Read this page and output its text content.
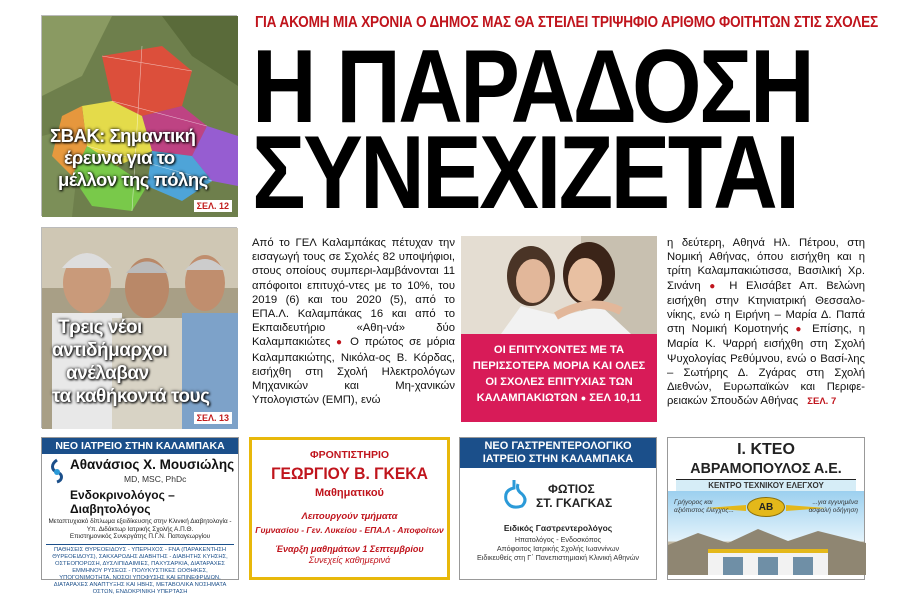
ΣΒΑΚ: Σημαντική
έρευνα για το
μέλλον της πόλης
ΣΕΛ. 12
Τρεις νέοι
αντιδήμαρχοι
ανέλαβαν
τα καθήκοντά τους
ΣΕΛ. 13
ΓΙΑ ΑΚΟΜΗ ΜΙΑ ΧΡΟΝΙΑ Ο ΔΗΜΟΣ ΜΑΣ ΘΑ ΣΤΕΙΛΕΙ ΤΡΙΨΗΦΙΟ ΑΡΙΘΜΟ ΦΟΙΤΗΤΩΝ ΣΤΙΣ ΣΧΟΛΕΣ
Η ΠΑΡΑΔΟΣΗ
ΣΥΝΕΧΙΖΕΤΑΙ
Από το ΓΕΛ Καλαμπάκας πέτυχαν την εισαγωγή τους σε Σχολές 82 υποψήφιοι, στους οποίους συμπερι-λαμβάνονται 11 απόφοιτοι επιτυχό-ντες με το 10%, του 2019 (6) και του 2020 (5), από το ΕΠΑ.Λ. Καλαμπάκας 16 και από το Εκπαιδευτήριο «Αθη-νά» δύο Καλαμπακιώτες ● Ο πρώτος σε μόρια Καλαμπακιώτης, Νικόλα-ος Β. Κόρδας, εισήχθη στη Σχολή Ηλεκτρολόγων Μηχανικών και Μη-χανικών Υπολογιστών (ΕΜΠ), ενώ
ΟΙ ΕΠΙΤΥΧΟΝΤΕΣ ΜΕ ΤΑ ΠΕΡΙΣΣΟΤΕΡΑ ΜΟΡΙΑ ΚΑΙ ΟΛΕΣ ΟΙ ΣΧΟΛΕΣ ΕΠΙΤΥΧΙΑΣ ΤΩΝ ΚΑΛΑΜΠΑΚΙΩΤΩΝ ● ΣΕΛ 10,11
η δεύτερη, Αθηνά Ηλ. Πέτρου, στη Νομική Αθήνας, όπου εισήχθη και η τρίτη Καλαμπακιώτισσα, Βασιλική Χρ. Σινάνη ● Η Ελισάβετ Απ. Βελώνη εισήχθη στην Κτηνιατρική Θεσσαλο-νίκης, ενώ η Ειρήνη – Μαρία Δ. Παπά στη Νομική Κομοτηνής ● Επίσης, η Μαρία Κ. Ψαρρή εισήχθη στη Σχολή Ψυχολογίας Ρεθύμνου, ενώ ο Βασί-λης – Σωτήρης Δ. Ζγάρας στη Σχολή Διεθνών, Ευρωπαϊκών και Περιφε-ρειακών Σπουδών Αθήνας ΣΕΛ. 7
ΝΕΟ ΙΑΤΡΕΙΟ ΣΤΗΝ ΚΑΛΑΜΠΑΚΑ
Αθανάσιος Χ. Μουσιώλης
MD, MSC, PhDc
Ενδοκρινολόγος – Διαβητολόγος
Μεταπτυχιακό δίπλωμα εξειδίκευσης στην Κλινική Διαβητολογία - Υπ. Διδάκτωρ Ιατρικής Σχολής Α.Π.Θ.
Επιστημονικός Συνεργάτης Π.Γ.Ν. Παπαγεωργίου
ΠΑΘΗΣΕΙΣ ΘΥΡΕΟΕΙΔΟΥΣ - ΥΠΕΡΗΧΟΣ - FNA (ΠΑΡΑΚΕΝΤΗΣΗ ΘΥΡΕΟΕΙΔΟΥΣ), ΣΑΚΧΑΡΩΔΗΣ ΔΙΑΒΗΤΗΣ - ΔΙΑΒΗΤΗΣ ΚΥΗΣΗΣ, ΟΣΤΕΟΠΟΡΩΣΗ, ΔΥΣΛΙΠΙΔΑΙΜΙΕΣ, ΠΑΧΥΣΑΡΚΙΑ, ΔΙΑΤΑΡΑΧΕΣ ΕΜΜΗΝΟΥ ΡΥΣΕΩΣ - ΠΟΛΥΚΥΣΤΙΚΕΣ ΩΟΘΗΚΕΣ, ΥΠΟΓΟΝΙΜΟΤΗΤΑ, ΝΟΣΟΙ ΥΠΟΦΥΣΗΣ ΚΑΙ ΕΠΙΝΕΦΡΙΔΙΩΝ, ΔΙΑΤΑΡΑΧΕΣ ΑΝΑΠΤΥΞΗΣ ΚΑΙ ΗΒΗΣ, ΜΕΤΑΒΟΛΙΚΑ ΝΟΣΗΜΑΤΑ ΟΣΤΩΝ, ΕΝΔΟΚΡΙΝΙΚΗ ΥΠΕΡΤΑΣΗ
ΦΡΟΝΤΙΣΤΗΡΙΟ
ΓΕΩΡΓΙΟΥ Β. ΓΚΕΚΑ
Μαθηματικού
Λειτουργούν τμήματα
Γυμνασίου - Γεν. Λυκείου - ΕΠΑ.Λ - Αποφοίτων
Έναρξη μαθημάτων 1 Σεπτεμβρίου
Συνεχείς καθημερινά
ΝΕΟ ΓΑΣΤΡΕΝΤΕΡΟΛΟΓΙΚΟ
ΙΑΤΡΕΙΟ ΣΤΗΝ ΚΑΛΑΜΠΑΚΑ
ΦΩΤΙΟΣ
ΣΤ. ΓΚΑΓΚΑΣ
Ειδικός Γαστρεντερολόγος
Ηπατολόγος - Ενδοσκόπος
Απόφοιτος Ιατρικής Σχολής Ιωαννίνων
Ειδικευθείς στη Γ΄ Πανεπιστημιακή Κλινική Αθηνών
Ι. ΚΤΕΟ
ΑΒΡΑΜΟΠΟΥΛΟΣ Α.Ε.
ΚΕΝΤΡΟ ΤΕΧΝΙΚΟΥ ΕΛΕΓΧΟΥ
ΑΒ
Γρήγορος και
αξιόπιστος έλεγχος...
...για εγγυημένα
ασφαλή οδήγηση
